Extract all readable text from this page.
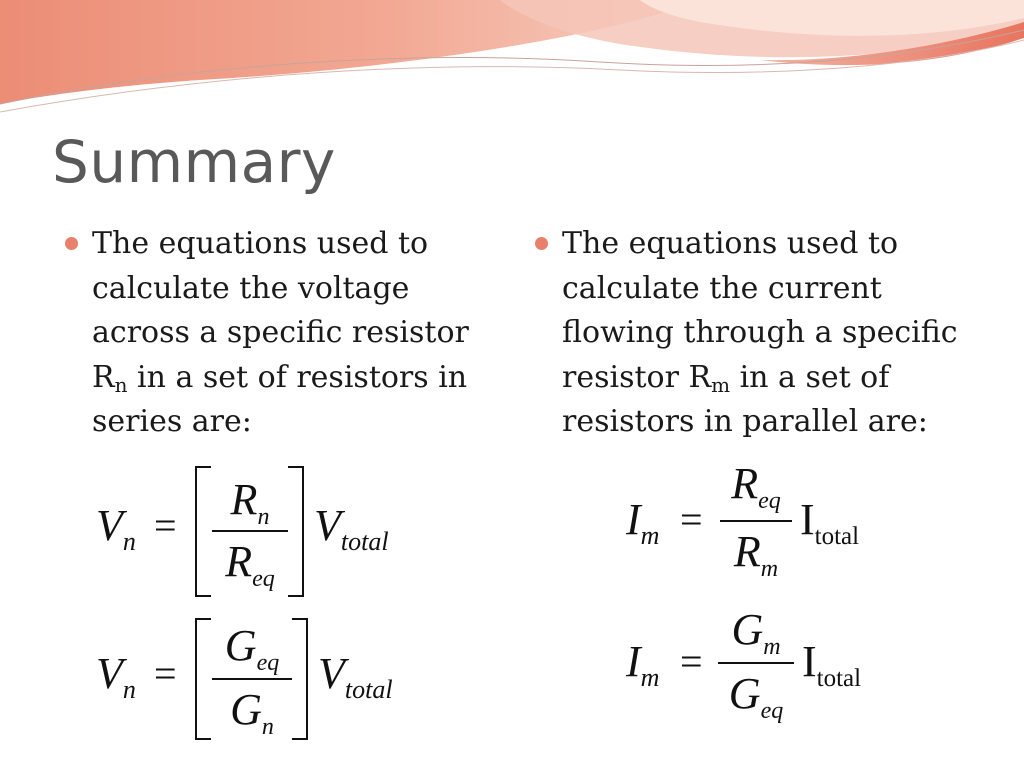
Summary
The equations used to
calculate the voltage
across a specific resistor
$R_n$ in a set of resistors in
series are:
The equations used to
calculate the current
flowing through a specific
resistor $R_m$ in a set of
resistors in parallel are:
$V_n$ =
$R_n$
$R_{eq}$
$V_{total}$
$V_n$ =
$G_{eq}$
$G_n$
$V_{total}$
$I_m$ =
$R_{eq}$
$R_m$
$I_{total}$
$I_m$ =
$G_m$
$G_{eq}$
$I_{total}$
